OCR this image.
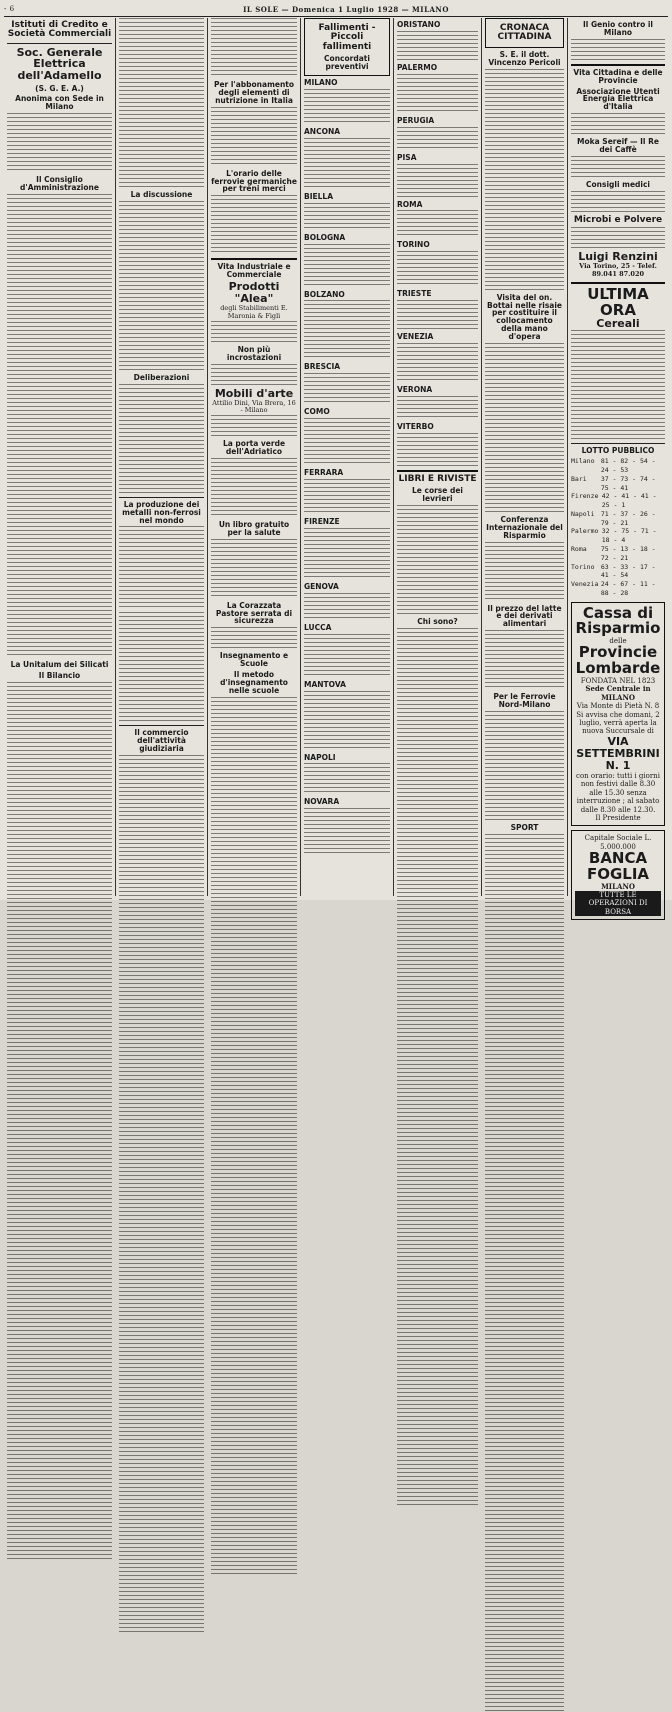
- 6	IL SOLE — Domenica 1 Luglio 1928 — MILANO
Istituti di Credito e Società Commerciali
Soc. Generale Elettrica dell'Adamello
(S. G. E. A.)
Anonima con Sede in Milano
Il Consiglio d'Amministrazione
La Unitalum dei Silicati
Il Bilancio
La discussione
Deliberazioni
La produzione dei metalli non-ferrosi nel mondo
Il commercio dell'attività giudiziaria
Per l'abbonamento degli elementi di nutrizione in Italia
L'orario delle ferrovie germaniche per treni merci
Vita Industriale e Commerciale
Prodotti "Alea"
degli Stabilimenti E. Maronia & Figli
Non più incrostazioni
Mobili d'arte
Attilio Dini, Via Brera, 16 - Milano
La porta verde dell'Adriatico
Un libro gratuito per la salute
La Corazzata Pastore serrata di sicurezza
Insegnamento e Scuole
Il metodo d'insegnamento nelle scuole
Fallimenti - Piccoli fallimenti
Concordati preventivi
MILANO
ANCONA
BIELLA
BOLOGNA
BOLZANO
BRESCIA
COMO
FERRARA
FIRENZE
GENOVA
LUCCA
MANTOVA
NAPOLI
NOVARA
ORISTANO
PALERMO
PERUGIA
PISA
ROMA
TORINO
TRIESTE
VENEZIA
VERONA
VITERBO
LIBRI E RIVISTE
Le corse dei levrieri
Chi sono?
CRONACA CITTADINA
S. E. il dott. Vincenzo Pericoli
Visita del on. Bottai nelle risaie per costituire il collocamento della mano d'opera
Conferenza Internazionale del Risparmio
Il prezzo del latte e dei derivati alimentari
Per le Ferrovie Nord-Milano
SPORT
Il Genio contro il Milano
Vita Cittadina e delle Provincie
Associazione Utenti Energia Elettrica d'Italia
Moka Sereif — Il Re dei Caffè
Consigli medici
Microbi e Polvere
Luigi Renzini
Via Torino, 25 - Telef. 89.041 87.020
ULTIMA ORA
Cereali
LOTTO PUBBLICO
Milano 81 - 82 - 54 - 24 - 53
Bari	37 - 73 - 74 - 75 - 41
Firenze 42 - 41 - 41 - 25 - 1
Napoli 71 - 37 - 26 - 79 - 21
Palermo 32 - 75 - 71 - 18 - 4
Roma	75 - 13 - 18 - 72 - 21
Torino 63 - 33 - 17 - 41 - 54
Venezia 24 - 67 - 11 - 88 - 28
Cassa di Risparmio
delle
Provincie Lombarde
FONDATA NEL 1823
Sede Centrale in MILANO
Via Monte di Pietà N. 8
Si avvisa che domani, 2 luglio, verrà aperta la nuova Succursale di
VIA SETTEMBRINI N. 1
con orario: tutti i giorni non festivi dalle 8.30 alle 15.30 senza interruzione ; al sabato dalle 8.30 alle 12.30.
Il Presidente
Capitale Sociale L. 5.000.000
BANCA FOGLIA
MILANO
TUTTE LE OPERAZIONI DI BORSA
